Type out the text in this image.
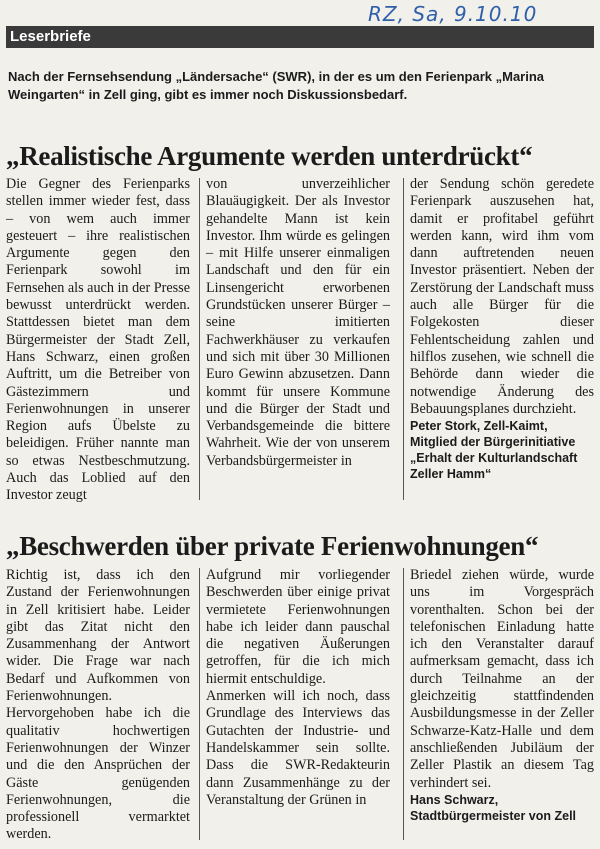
RZ, Sa, 9.10.10
Leserbriefe
Nach der Fernsehsendung „Ländersache“ (SWR), in der es um den Ferienpark „Marina Weingarten“ in Zell ging, gibt es immer noch Diskussionsbedarf.
„Realistische Argumente werden unterdrückt“

Die Gegner des Ferienparks stellen immer wieder fest, dass – von wem auch immer gesteuert – ihre realistischen Argumente gegen den Ferienpark sowohl im Fernsehen als auch in der Presse bewusst unterdrückt werden. Stattdessen bietet man dem Bürgermeister der Stadt Zell, Hans Schwarz, einen großen Auftritt, um die Betreiber von Gästezimmern und Ferienwohnungen in unserer Region aufs Übelste zu beleidigen. Früher nannte man so etwas Nestbeschmutzung. Auch das Loblied auf den Investor zeugt

von unverzeihlicher Blauäugigkeit. Der als Investor gehandelte Mann ist kein Investor. Ihm würde es gelingen – mit Hilfe unserer einmaligen Landschaft und den für ein Linsengericht erworbenen Grundstücken unserer Bürger – seine imitierten Fachwerkhäuser zu verkaufen und sich mit über 30 Millionen Euro Gewinn abzusetzen. Dann kommt für unsere Kommune und die Bürger der Stadt und Verbandsgemeinde die bittere Wahrheit. Wie der von unserem Verbandsbürgermeister in

der Sendung schön geredete Ferienpark auszusehen hat, damit er profitabel geführt werden kann, wird ihm vom dann auftretenden neuen Investor präsentiert. Neben der Zerstörung der Landschaft muss auch alle Bürger für die Folgekosten dieser Fehlentscheidung zahlen und hilflos zusehen, wie schnell die Behörde dann wieder die notwendige Änderung des Bebauungsplanes durchzieht.

Peter Stork, Zell-Kaimt,

Mitglied der Bürgerinitiative „Erhalt der Kulturlandschaft Zeller Hamm“

„Beschwerden über private Ferienwohnungen“

Richtig ist, dass ich den Zustand der Ferienwohnungen in Zell kritisiert habe. Leider gibt das Zitat nicht den Zusammenhang der Antwort wider. Die Frage war nach Bedarf und Aufkommen von Ferienwohnungen. Hervorgehoben habe ich die qualitativ hochwertigen Ferienwohnungen der Winzer und die den Ansprüchen der Gäste genügenden Ferienwohnungen, die professionell vermarktet werden.

Aufgrund mir vorliegender Beschwerden über einige privat vermietete Ferienwohnungen habe ich leider dann pauschal die negativen Äußerungen getroffen, für die ich mich hiermit entschuldige.

Anmerken will ich noch, dass Grundlage des Interviews das Gutachten der Industrie- und Handelskammer sein sollte. Dass die SWR-Redakteurin dann Zusammenhänge zu der Veranstaltung der Grünen in

Briedel ziehen würde, wurde uns im Vorgespräch vorenthalten. Schon bei der telefonischen Einladung hatte ich den Veranstalter darauf aufmerksam gemacht, dass ich durch Teilnahme an der gleichzeitig stattfindenden Ausbildungsmesse in der Zeller Schwarze-Katz-Halle und dem anschließenden Jubiläum der Zeller Plastik an diesem Tag verhindert sei.

Hans Schwarz,

Stadtbürgermeister von Zell
